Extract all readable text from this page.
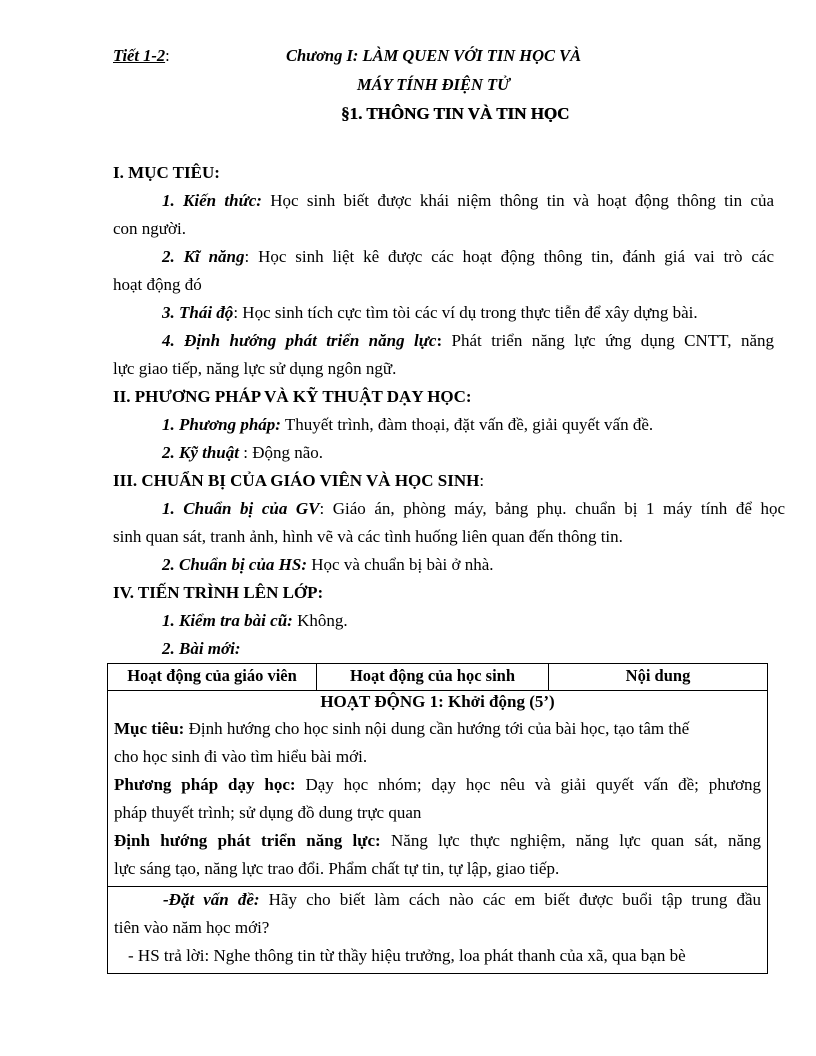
Tiết 1-2:	Chương I: LÀM QUEN VỚI TIN HỌC VÀ
MÁY TÍNH ĐIỆN TỬ
§1. THÔNG TIN VÀ TIN HỌC
I. MỤC TIÊU:
1. Kiến thức: Học sinh biết được khái niệm thông tin và hoạt động thông tin của
con người.
2. Kĩ năng: Học sinh liệt kê được các hoạt động thông tin, đánh giá vai trò các
hoạt động đó
3. Thái độ: Học sinh tích cực tìm tòi các ví dụ trong thực tiễn để xây dựng bài.
4. Định hướng phát triển năng lực: Phát triển năng lực ứng dụng CNTT, năng
lực giao tiếp, năng lực sử dụng ngôn ngữ.
II. PHƯƠNG PHÁP VÀ KỸ THUẬT DẠY HỌC:
1. Phương pháp: Thuyết trình, đàm thoại, đặt vấn đề, giải quyết vấn đề.
2. Kỹ thuật : Động não.
III. CHUẨN BỊ CỦA GIÁO VIÊN VÀ HỌC SINH:
1. Chuẩn bị của GV: Giáo án, phòng máy, bảng phụ. chuẩn bị 1 máy tính để học
sinh quan sát, tranh ảnh, hình vẽ và các tình huống liên quan đến thông tin.
2. Chuẩn bị của HS: Học và chuẩn bị bài ở nhà.
IV. TIẾN TRÌNH LÊN LỚP:
1. Kiểm tra bài cũ: Không.
2. Bài mới:
Hoạt động của giáo viên	Hoạt động của học sinh	Nội dung

HOẠT ĐỘNG 1: Khởi động (5’)
Mục tiêu: Định hướng cho học sinh nội dung cần hướng tới của bài học, tạo tâm thế
cho học sinh đi vào tìm hiểu bài mới.
Phương pháp dạy học: Dạy học nhóm; dạy học nêu và giải quyết vấn đề; phương
pháp thuyết trình; sử dụng đồ dung trực quan
Định hướng phát triển năng lực: Năng lực thực nghiệm, năng lực quan sát, năng
lực sáng tạo, năng lực trao đổi. Phẩm chất tự tin, tự lập, giao tiếp.

-Đặt vấn đề: Hãy cho biết làm cách nào các em biết được buổi tập trung đầu
tiên vào năm học mới?
- HS trả lời: Nghe thông tin từ thầy hiệu trưởng, loa phát thanh của xã, qua bạn bè
